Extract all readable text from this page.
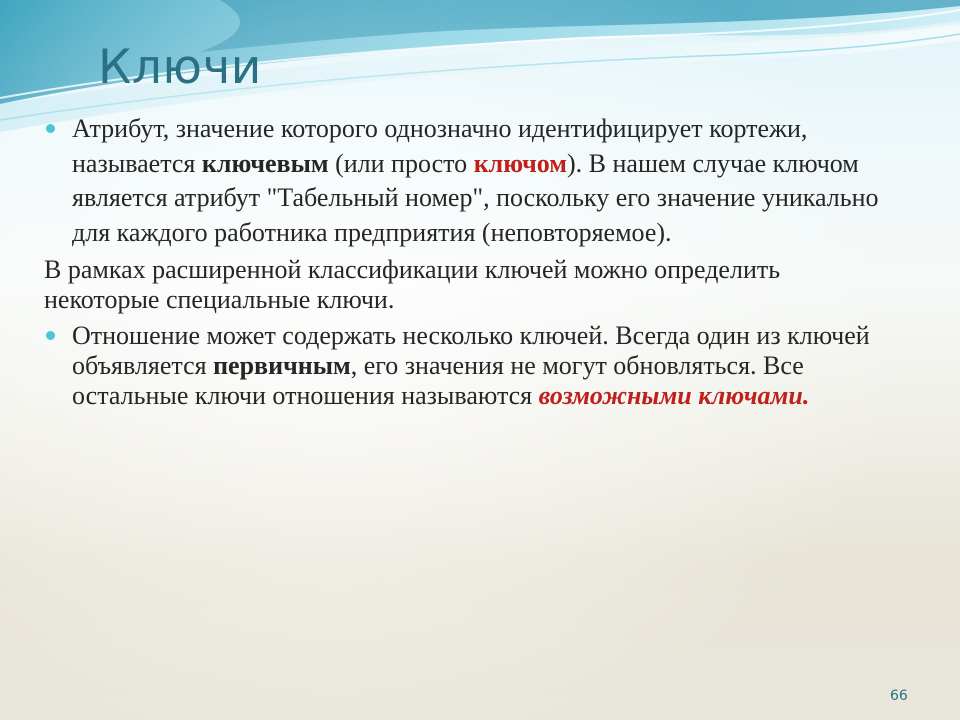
Ключи

Атрибут, значение которого однозначно идентифицирует кортежи, называется ключевым (или просто ключом). В нашем случае ключом является атрибут "Табельный номер", поскольку его значение уникально для каждого работника предприятия (неповторяемое).

В рамках расширенной классификации ключей можно определить некоторые специальные ключи.

Отношение может содержать несколько ключей. Всегда один из ключей объявляется первичным, его значения не могут обновляться. Все остальные ключи отношения называются возможными ключами.

66
